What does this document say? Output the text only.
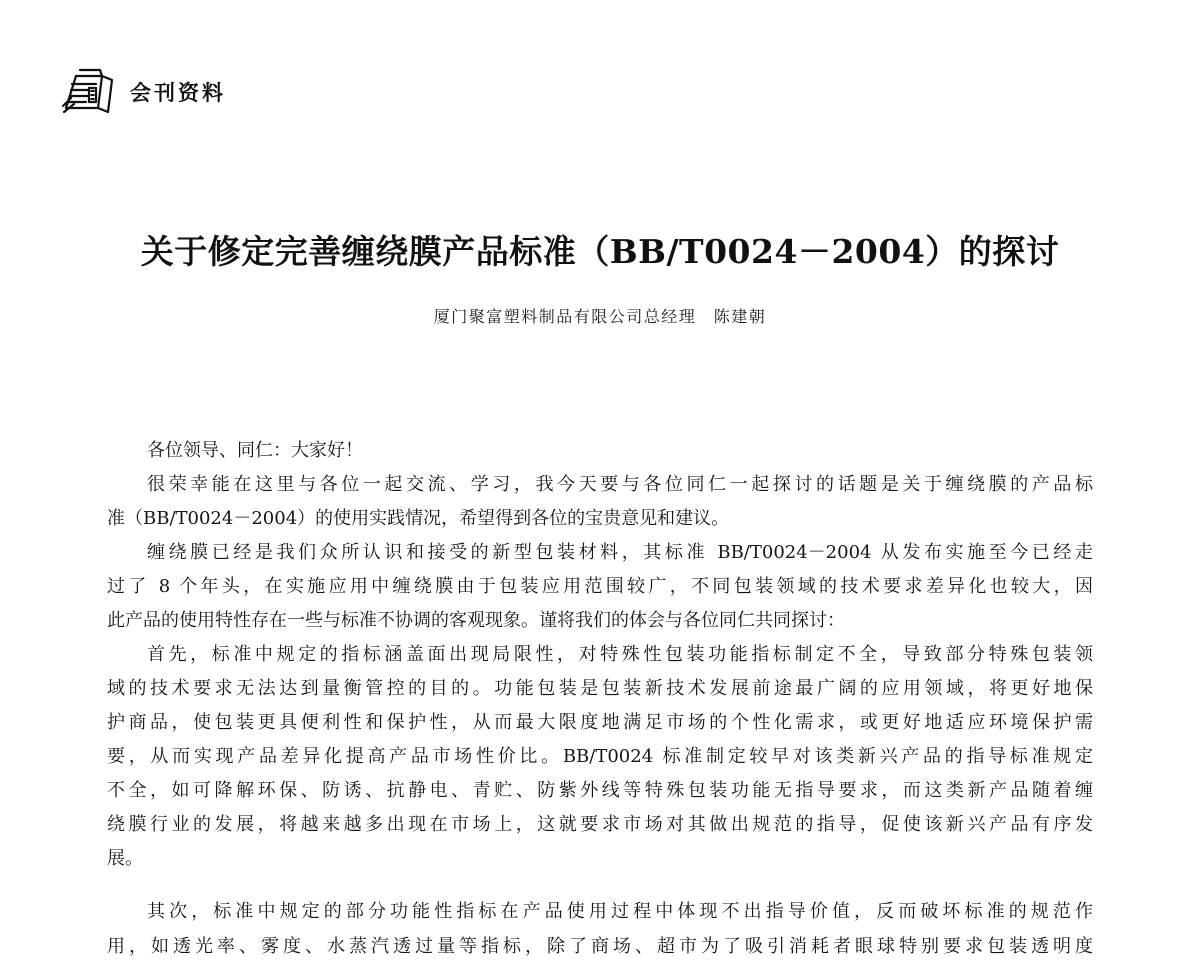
会刊资料
关于修定完善缠绕膜产品标准（BB/T0024－2004）的探讨
厦门聚富塑料制品有限公司总经理　陈建朝
各位领导、同仁：大家好！
很荣幸能在这里与各位一起交流、学习，我今天要与各位同仁一起探讨的话题是关于缠绕膜的产品标
准（BB/T0024－2004）的使用实践情况，希望得到各位的宝贵意见和建议。
缠绕膜已经是我们众所认识和接受的新型包装材料，其标准 BB/T0024－2004 从发布实施至今已经走
过了 8 个年头，在实施应用中缠绕膜由于包装应用范围较广，不同包装领域的技术要求差异化也较大，因
此产品的使用特性存在一些与标准不协调的客观现象。谨将我们的体会与各位同仁共同探讨：
首先，标准中规定的指标涵盖面出现局限性，对特殊性包装功能指标制定不全，导致部分特殊包装领
域的技术要求无法达到量衡管控的目的。功能包装是包装新技术发展前途最广阔的应用领域，将更好地保
护商品，使包装更具便利性和保护性，从而最大限度地满足市场的个性化需求，或更好地适应环境保护需
要，从而实现产品差异化提高产品市场性价比。BB/T0024 标准制定较早对该类新兴产品的指导标准规定
不全，如可降解环保、防诱、抗静电、青贮、防紫外线等特殊包装功能无指导要求，而这类新产品随着缠
绕膜行业的发展，将越来越多出现在市场上，这就要求市场对其做出规范的指导，促使该新兴产品有序发
展。
其次，标准中规定的部分功能性指标在产品使用过程中体现不出指导价值，反而破坏标准的规范作
用，如透光率、雾度、水蒸汽透过量等指标，除了商场、超市为了吸引消耗者眼球特别要求包装透明度
